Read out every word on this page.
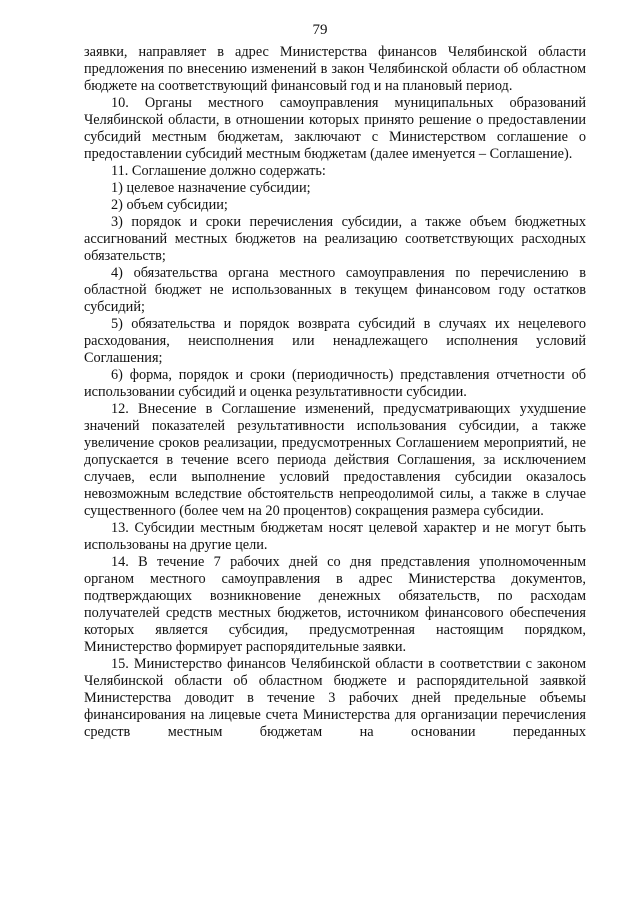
79

заявки, направляет в адрес Министерства финансов Челябинской области предложения по внесению изменений в закон Челябинской области об областном бюджете на соответствующий финансовый год и на плановый период.

10. Органы местного самоуправления муниципальных образований Челябинской области, в отношении которых принято решение о предоставлении субсидий местным бюджетам, заключают с Министерством соглашение о предоставлении субсидий местным бюджетам (далее именуется – Соглашение).

11. Соглашение должно содержать:

1) целевое назначение субсидии;

2) объем субсидии;

3) порядок и сроки перечисления субсидии, а также объем бюджетных ассигнований местных бюджетов на реализацию соответствующих расходных обязательств;

4) обязательства органа местного самоуправления по перечислению в областной бюджет не использованных в текущем финансовом году остатков субсидий;

5) обязательства и порядок возврата субсидий в случаях их нецелевого расходования, неисполнения или ненадлежащего исполнения условий Соглашения;

6) форма, порядок и сроки (периодичность) представления отчетности об использовании субсидий и оценка результативности субсидии.

12. Внесение в Соглашение изменений, предусматривающих ухудшение значений показателей результативности использования субсидии, а также увеличение сроков реализации, предусмотренных Соглашением мероприятий, не допускается в течение всего периода действия Соглашения, за исключением случаев, если выполнение условий предоставления субсидии оказалось невозможным вследствие обстоятельств непреодолимой силы, а также в случае существенного (более чем на 20 процентов) сокращения размера субсидии.

13. Субсидии местным бюджетам носят целевой характер и не могут быть использованы на другие цели.

14. В течение 7 рабочих дней со дня представления уполномоченным органом местного самоуправления в адрес Министерства документов, подтверждающих возникновение денежных обязательств, по расходам получателей средств местных бюджетов, источником финансового обеспечения которых является субсидия, предусмотренная настоящим порядком, Министерство формирует распорядительные заявки.

15. Министерство финансов Челябинской области в соответствии с законом Челябинской области об областном бюджете и распорядительной заявкой Министерства доводит в течение 3 рабочих дней предельные объемы финансирования на лицевые счета Министерства для организации перечисления средств местным бюджетам на основании переданных
